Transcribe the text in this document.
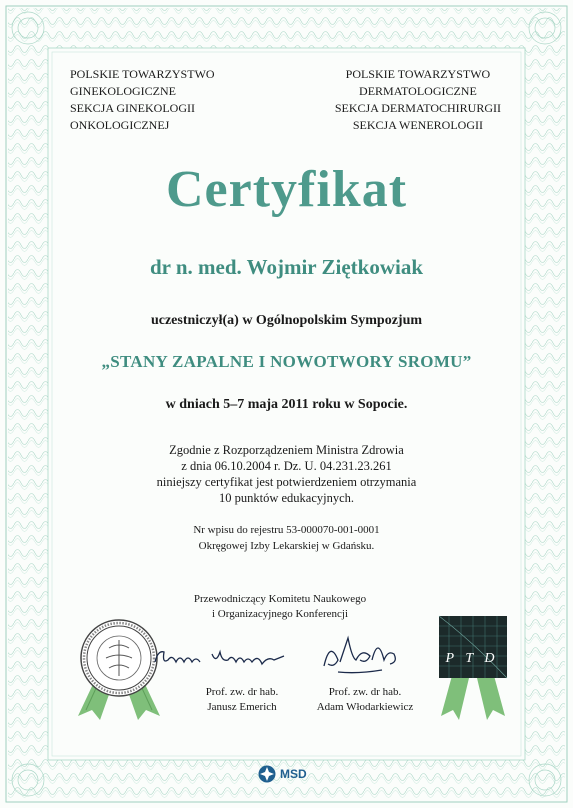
POLSKIE TOWARZYSTWO
GINEKOLOGICZNE
SEKCJA GINEKOLOGII
ONKOLOGICZNEJ
POLSKIE TOWARZYSTWO
DERMATOLOGICZNE
SEKCJA DERMATOCHIRURGII
SEKCJA WENEROLOGII
Certyfikat
dr n. med. Wojmir Ziętkowiak
uczestniczył(a) w Ogólnopolskim Sympozjum
„STANY ZAPALNE I NOWOTWORY SROMU”
w dniach 5–7 maja 2011 roku w Sopocie.
Zgodnie z Rozporządzeniem Ministra Zdrowia
z dnia 06.10.2004 r. Dz. U. 04.231.23.261
niniejszy certyfikat jest potwierdzeniem otrzymania
10 punktów edukacyjnych.
Nr wpisu do rejestru 53-000070-001-0001
Okręgowej Izby Lekarskiej w Gdańsku.
Przewodniczący Komitetu Naukowego
i Organizacyjnego Konferencji
P T D
Prof. zw. dr hab.
Janusz Emerich
Prof. zw. dr hab.
Adam Włodarkiewicz
MSD
